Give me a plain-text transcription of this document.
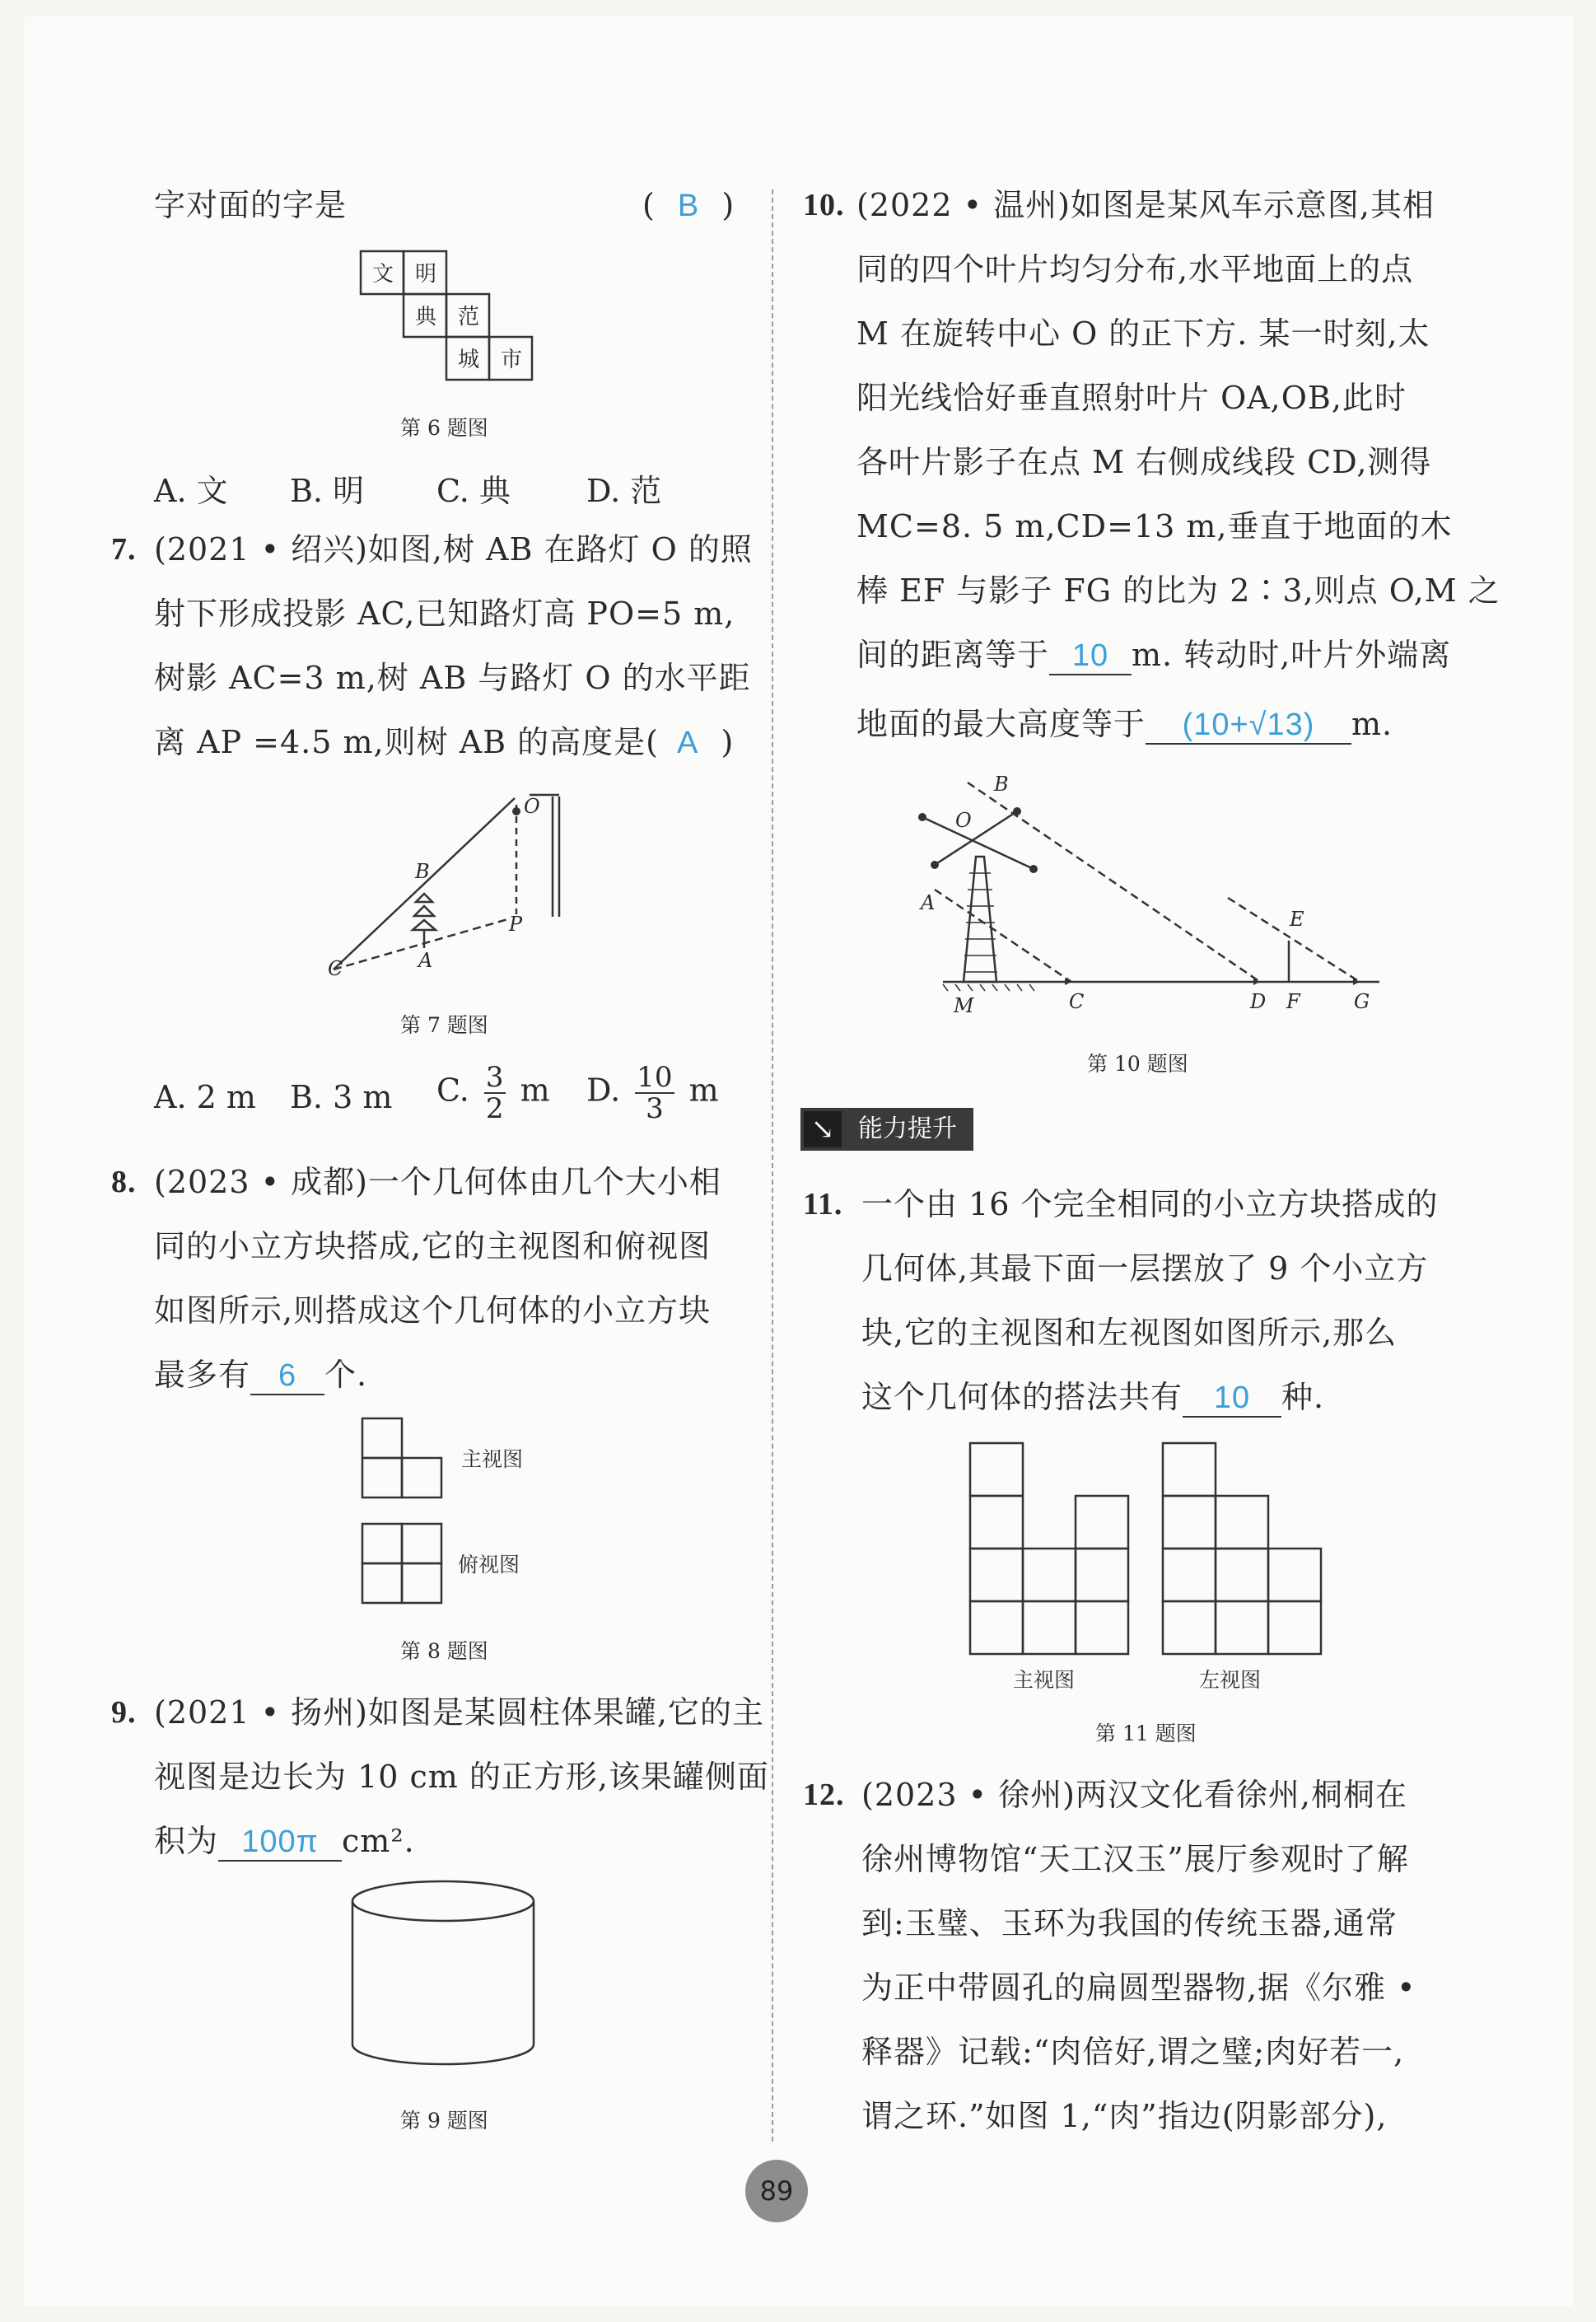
字对面的字是	( B )
文 明
典 范
城 市
第 6 题图
A. 文 B. 明 C. 典 D. 范
7. (2021 • 绍兴)如图,树 AB 在路灯 O 的照
射下形成投影 AC,已知路灯高 PO=5 m,
树影 AC=3 m,树 AB 与路灯 O 的水平距
离 AP =4.5 m,则树 AB 的高度是( A )
O
B
P
C	A
第 7 题图
A. 2 m B. 3 m C. $\frac{3}{2}$ m D. $\frac{10}{3}$ m
8. (2023 • 成都)一个几何体由几个大小相
同的小立方块搭成,它的主视图和俯视图
如图所示,则搭成这个几何体的小立方块
最多有 6 个.
主视图
俯视图
第 8 题图
9. (2021 • 扬州)如图是某圆柱体果罐,它的主
视图是边长为 10 cm 的正方形,该果罐侧面
积为 100π cm².
第 9 题图
10. (2022 • 温州)如图是某风车示意图,其相
同的四个叶片均匀分布,水平地面上的点
M 在旋转中心 O 的正下方. 某一时刻,太
阳光线恰好垂直照射叶片 OA,OB,此时
各叶片影子在点 M 右侧成线段 CD,测得
MC=8. 5 m,CD=13 m,垂直于地面的木
棒 EF 与影子 FG 的比为 2∶3,则点 O,M 之
间的距离等于 10 m. 转动时,叶片外端离
地面的最大高度等于 (10+√13) m.
B
O
A
E
M	C	D F	G
第 10 题图
能力提升
↘
11. 一个由 16 个完全相同的小立方块搭成的
几何体,其最下面一层摆放了 9 个小立方
块,它的主视图和左视图如图所示,那么
这个几何体的搭法共有 10 种.
主视图	左视图
第 11 题图
12. (2023 • 徐州)两汉文化看徐州,桐桐在
徐州博物馆“天工汉玉”展厅参观时了解
到:玉璧、玉环为我国的传统玉器,通常
为正中带圆孔的扁圆型器物,据《尔雅 •
释器》记载:“肉倍好,谓之璧;肉好若一,
谓之环.”如图 1,“肉”指边(阴影部分),
89
